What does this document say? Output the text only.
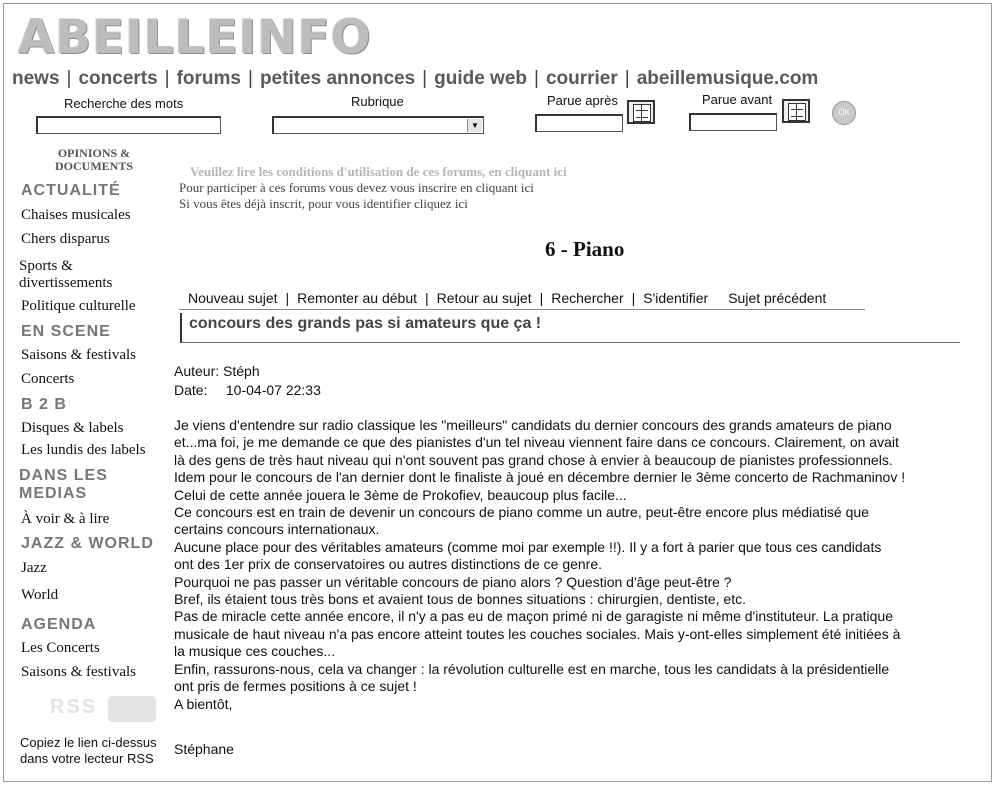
ABEILLEINFO
news | concerts | forums | petites annonces | guide web | courrier | abeillemusique.com
Recherche des mots	Rubrique
▼
Parue après	Parue avant
OK
OPINIONS & DOCUMENTS
ACTUALITÉ
Chaises musicales
Chers disparus
Sports & divertissements
Politique culturelle
EN SCENE
Saisons & festivals
Concerts
B 2 B
Disques & labels
Les lundis des labels
DANS LES MEDIAS
À voir & à lire
JAZZ & WORLD
Jazz
World
AGENDA
Les Concerts
Saisons & festivals
RSS
Copiez le lien ci-dessus
dans votre lecteur RSS
Veuillez lire les conditions d'utilisation de ces forums, en cliquant ici
Pour participer à ces forums vous devez vous inscrire en cliquant ici
Si vous êtes déjà inscrit, pour vous identifier cliquez ici
6 - Piano
Nouveau sujet | Remonter au début | Retour au sujet | Rechercher | S'identifier Sujet précédent
concours des grands pas si amateurs que ça !
Auteur: Stéph
Date: 10-04-07 22:33
Je viens d'entendre sur radio classique les "meilleurs" candidats du dernier concours des grands amateurs de piano
et...ma foi, je me demande ce que des pianistes d'un tel niveau viennent faire dans ce concours. Clairement, on avait
là des gens de très haut niveau qui n'ont souvent pas grand chose à envier à beaucoup de pianistes professionnels.
Idem pour le concours de l'an dernier dont le finaliste à joué en décembre dernier le 3ème concerto de Rachmaninov !
Celui de cette année jouera le 3ème de Prokofiev, beaucoup plus facile...
Ce concours est en train de devenir un concours de piano comme un autre, peut-être encore plus médiatisé que
certains concours internationaux.
Aucune place pour des véritables amateurs (comme moi par exemple !!). Il y a fort à parier que tous ces candidats
ont des 1er prix de conservatoires ou autres distinctions de ce genre.
Pourquoi ne pas passer un véritable concours de piano alors ? Question d'âge peut-être ?
Bref, ils étaient tous très bons et avaient tous de bonnes situations : chirurgien, dentiste, etc.
Pas de miracle cette année encore, il n'y a pas eu de maçon primé ni de garagiste ni même d'instituteur. La pratique
musicale de haut niveau n'a pas encore atteint toutes les couches sociales. Mais y-ont-elles simplement été initiées à
la musique ces couches...
Enfin, rassurons-nous, cela va changer : la révolution culturelle est en marche, tous les candidats à la présidentielle
ont pris de fermes positions à ce sujet !
A bientôt,
Stéphane
